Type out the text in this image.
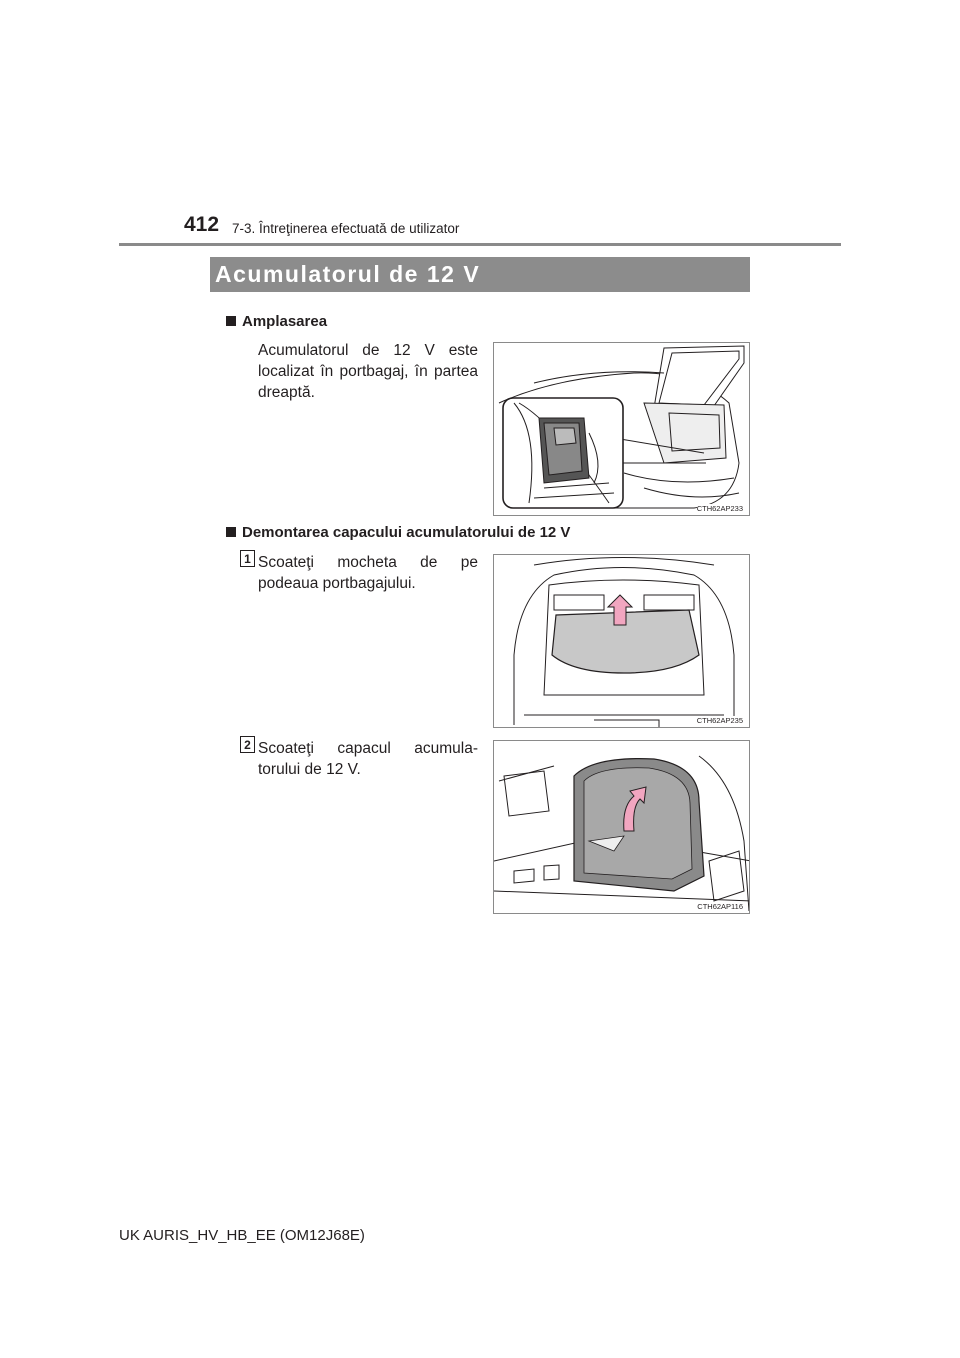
412 7-3. Întreţinerea efectuată de utilizator
Acumulatorul de 12 V
Amplasarea
Acumulatorul de 12 V este localizat în portbagaj, în partea dreaptă.
CTH62AP233
Demontarea capacului acumulatorului de 12 V
1 Scoateţi mocheta de pe podeaua portbagajului.
CTH62AP235
2 Scoateţi capacul acumula-torului de 12 V.
CTH62AP116
UK AURIS_HV_HB_EE (OM12J68E)
